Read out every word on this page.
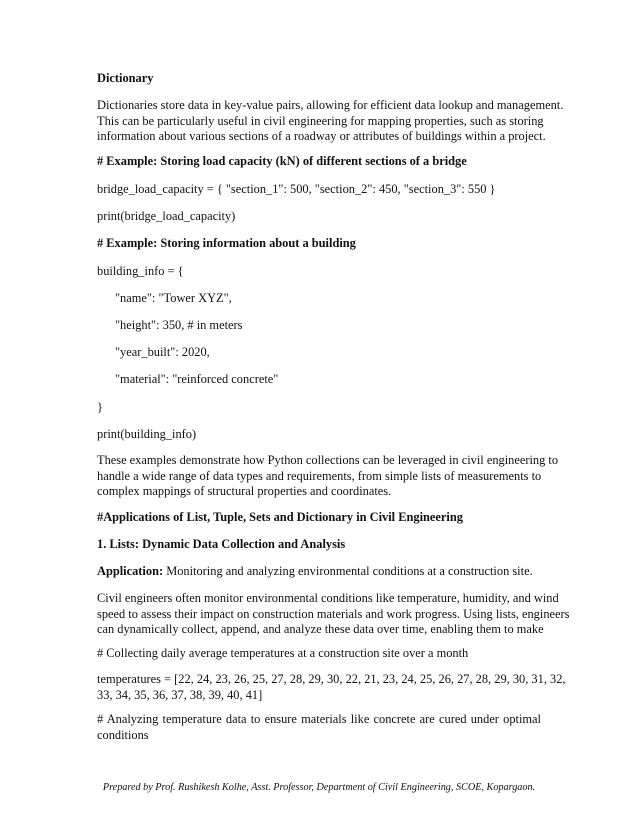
Dictionary
Dictionaries store data in key-value pairs, allowing for efficient data lookup and management.
This can be particularly useful in civil engineering for mapping properties, such as storing
information about various sections of a roadway or attributes of buildings within a project.
# Example: Storing load capacity (kN) of different sections of a bridge
bridge_load_capacity = { "section_1": 500, "section_2": 450, "section_3": 550 }
print(bridge_load_capacity)
# Example: Storing information about a building
building_info = {
"name": "Tower XYZ",
"height": 350, # in meters
"year_built": 2020,
"material": "reinforced concrete"
}
print(building_info)
These examples demonstrate how Python collections can be leveraged in civil engineering to
handle a wide range of data types and requirements, from simple lists of measurements to
complex mappings of structural properties and coordinates.
#Applications of List, Tuple, Sets and Dictionary in Civil Engineering
1. Lists: Dynamic Data Collection and Analysis
Application: Monitoring and analyzing environmental conditions at a construction site.
Civil engineers often monitor environmental conditions like temperature, humidity, and wind
speed to assess their impact on construction materials and work progress. Using lists, engineers
can dynamically collect, append, and analyze these data over time, enabling them to make
# Collecting daily average temperatures at a construction site over a month
temperatures = [22, 24, 23, 26, 25, 27, 28, 29, 30, 22, 21, 23, 24, 25, 26, 27, 28, 29, 30, 31, 32,
33, 34, 35, 36, 37, 38, 39, 40, 41]
# Analyzing temperature data to ensure materials like concrete are cured under optimal
conditions
Prepared by Prof. Rushikesh Kolhe, Asst. Professor, Department of Civil Engineering, SCOE, Kopargaon.
